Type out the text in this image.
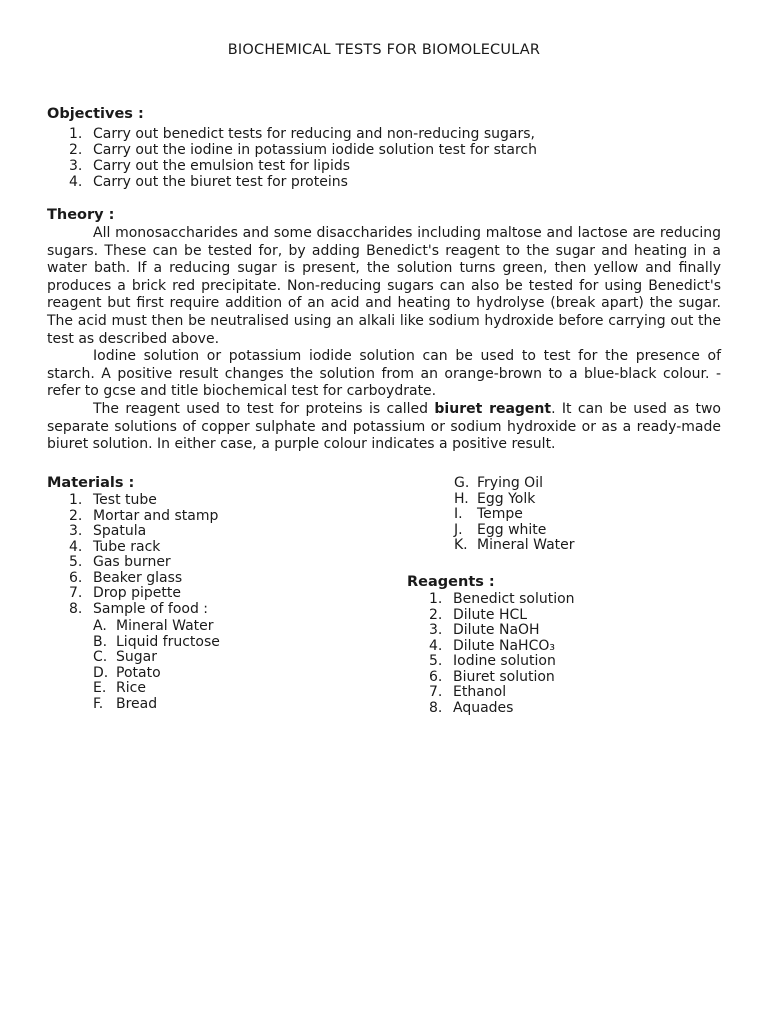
BIOCHEMICAL TESTS FOR BIOMOLECULAR
Objectives :
1. Carry out benedict tests for reducing and non-reducing sugars,
2. Carry out the iodine in potassium iodide solution test for starch
3. Carry out the emulsion test for lipids
4. Carry out the biuret test for proteins
Theory :

All monosaccharides and some disaccharides including maltose and lactose are reducing sugars. These can be tested for, by adding Benedict's reagent to the sugar and heating in a water bath. If a reducing sugar is present, the solution turns green, then yellow and finally produces a brick red precipitate. Non-reducing sugars can also be tested for using Benedict's reagent but first require addition of an acid and heating to hydrolyse (break apart) the sugar. The acid must then be neutralised using an alkali like sodium hydroxide before carrying out the test as described above.

Iodine solution or potassium iodide solution can be used to test for the presence of starch. A positive result changes the solution from an orange-brown to a blue-black colour. - refer to gcse and title biochemical test for carboydrate.

The reagent used to test for proteins is called biuret reagent. It can be used as two separate solutions of copper sulphate and potassium or sodium hydroxide or as a ready-made biuret solution. In either case, a purple colour indicates a positive result.

Materials :
1. Test tube
2. Mortar and stamp
3. Spatula
4. Tube rack
5. Gas burner
6. Beaker glass
7. Drop pipette
8. Sample of food :
A. Mineral Water
B. Liquid fructose
C. Sugar
D. Potato
E. Rice
F. Bread
G. Frying Oil
H. Egg Yolk
I. Tempe
J. Egg white
K. Mineral Water
Reagents :
1. Benedict solution
2. Dilute HCL
3. Dilute NaOH
4. Dilute NaHCO₃
5. Iodine solution
6. Biuret solution
7. Ethanol
8. Aquades
